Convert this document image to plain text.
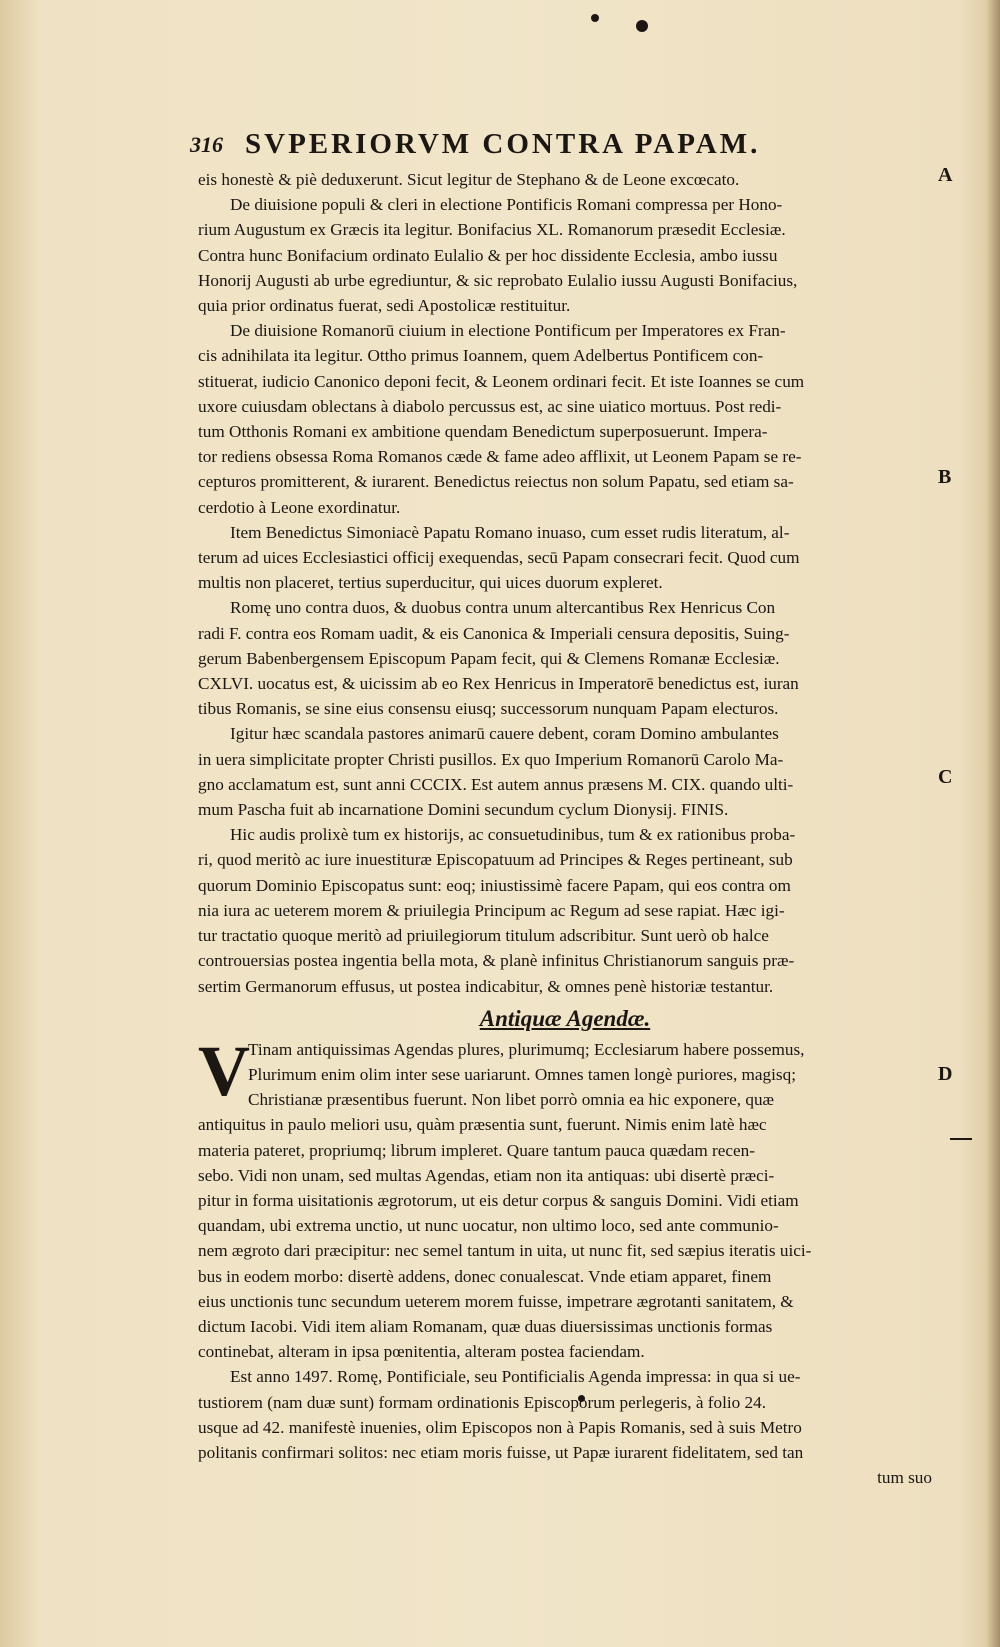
316 SVPERIORVM CONTRA PAPAM.
A
B
C
D
eis honestè & piè deduxerunt. Sicut legitur de Stephano & de Leone excœcato.
De diuisione populi & cleri in electione Pontificis Romani compressa per Hono-
rium Augustum ex Græcis ita legitur. Bonifacius XL. Romanorum præsedit Ecclesiæ.
Contra hunc Bonifacium ordinato Eulalio & per hoc dissidente Ecclesia, ambo iussu
Honorij Augusti ab urbe egrediuntur, & sic reprobato Eulalio iussu Augusti Bonifacius,
quia prior ordinatus fuerat, sedi Apostolicæ restituitur.
De diuisione Romanorū ciuium in electione Pontificum per Imperatores ex Fran-
cis adnihilata ita legitur. Ottho primus Ioannem, quem Adelbertus Pontificem con-
stituerat, iudicio Canonico deponi fecit, & Leonem ordinari fecit. Et iste Ioannes se cum
uxore cuiusdam oblectans à diabolo percussus est, ac sine uiatico mortuus. Post redi-
tum Otthonis Romani ex ambitione quendam Benedictum superposuerunt. Impera-
tor rediens obsessa Roma Romanos cæde & fame adeo afflixit, ut Leonem Papam se re-
cepturos promitterent, & iurarent. Benedictus reiectus non solum Papatu, sed etiam sa-
cerdotio à Leone exordinatur.
Item Benedictus Simoniacè Papatu Romano inuaso, cum esset rudis literatum, al-
terum ad uices Ecclesiastici officij exequendas, secū Papam consecrari fecit. Quod cum
multis non placeret, tertius superducitur, qui uices duorum expleret.
Romę uno contra duos, & duobus contra unum altercantibus Rex Henricus Con
radi F. contra eos Romam uadit, & eis Canonica & Imperiali censura depositis, Suing-
gerum Babenbergensem Episcopum Papam fecit, qui & Clemens Romanæ Ecclesiæ.
CXLVI. uocatus est, & uicissim ab eo Rex Henricus in Imperatorē benedictus est, iuran
tibus Romanis, se sine eius consensu eiusq; successorum nunquam Papam electuros.
Igitur hæc scandala pastores animarū cauere debent, coram Domino ambulantes
in uera simplicitate propter Christi pusillos. Ex quo Imperium Romanorū Carolo Ma-
gno acclamatum est, sunt anni CCCIX. Est autem annus præsens M. CIX. quando ulti-
mum Pascha fuit ab incarnatione Domini secundum cyclum Dionysij. FINIS.
Hic audis prolixè tum ex historijs, ac consuetudinibus, tum & ex rationibus proba-
ri, quod meritò ac iure inuestituræ Episcopatuum ad Principes & Reges pertineant, sub
quorum Dominio Episcopatus sunt: eoq; iniustissimè facere Papam, qui eos contra om
nia iura ac ueterem morem & priuilegia Principum ac Regum ad sese rapiat. Hæc igi-
tur tractatio quoque meritò ad priuilegiorum titulum adscribitur. Sunt uerò ob halce
controuersias postea ingentia bella mota, & planè infinitus Christianorum sanguis præ-
sertim Germanorum effusus, ut postea indicabitur, & omnes penè historiæ testantur.
Antiquæ Agendæ.
Tinam antiquissimas Agendas plures, plurimumq; Ecclesiarum habere possemus,
Plurimum enim olim inter sese uariarunt. Omnes tamen longè puriores, magisq;
Christianæ præsentibus fuerunt. Non libet porrò omnia ea hic exponere, quæ
antiquitus in paulo meliori usu, quàm præsentia sunt, fuerunt. Nimis enim latè hæc
materia pateret, propriumq; librum impleret. Quare tantum pauca quædam recen-
sebo. Vidi non unam, sed multas Agendas, etiam non ita antiquas: ubi disertè præci-
pitur in forma uisitationis ægrotorum, ut eis detur corpus & sanguis Domini. Vidi etiam
quandam, ubi extrema unctio, ut nunc uocatur, non ultimo loco, sed ante communio-
nem ægroto dari præcipitur: nec semel tantum in uita, ut nunc fit, sed sæpius iteratis uici-
bus in eodem morbo: disertè addens, donec conualescat. Vnde etiam apparet, finem
eius unctionis tunc secundum ueterem morem fuisse, impetrare ægrotanti sanitatem, &
dictum Iacobi. Vidi item aliam Romanam, quæ duas diuersissimas unctionis formas
continebat, alteram in ipsa pœnitentia, alteram postea faciendam.
Est anno 1497. Romę, Pontificiale, seu Pontificialis Agenda impressa: in qua si ue-
tustiorem (nam duæ sunt) formam ordinationis Episcoporum perlegeris, à folio 24.
usque ad 42. manifestè inuenies, olim Episcopos non à Papis Romanis, sed à suis Metro
politanis confirmari solitos: nec etiam moris fuisse, ut Papæ iurarent fidelitatem, sed tan
tum suo
V
